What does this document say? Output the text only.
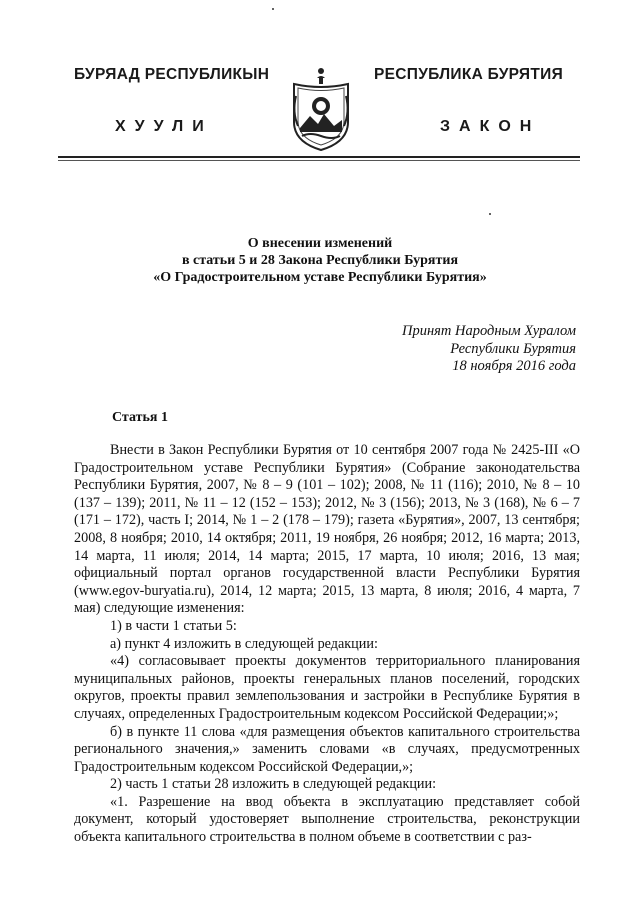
БУРЯАД РЕСПУБЛИКЫН
ХУУЛИ
РЕСПУБЛИКА БУРЯТИЯ
ЗАКОН
О внесении изменений
в статьи 5 и 28 Закона Республики Бурятия
«О Градостроительном уставе Республики Бурятия»
Принят Народным Хуралом
Республики Бурятия
18 ноября 2016 года
Статья 1

Внести в Закон Республики Бурятия от 10 сентября 2007 года № 2425-III «О Градостроительном уставе Республики Бурятия» (Собрание законодательства Республики Бурятия, 2007, № 8 – 9 (101 – 102); 2008, № 11 (116); 2010, № 8 – 10 (137 – 139); 2011, № 11 – 12 (152 – 153); 2012, № 3 (156); 2013, № 3 (168), № 6 – 7 (171 – 172), часть I; 2014, № 1 – 2 (178 – 179); газета «Бурятия», 2007, 13 сентября; 2008, 8 ноября; 2010, 14 октября; 2011, 19 ноября, 26 ноября; 2012, 16 марта; 2013, 14 марта, 11 июля; 2014, 14 марта; 2015, 17 марта, 10 июля; 2016, 13 мая; официальный портал органов государственной власти Республики Бурятия (www.egov-buryatia.ru), 2014, 12 марта; 2015, 13 марта, 8 июля; 2016, 4 марта, 7 мая) следующие изменения:

1) в части 1 статьи 5:

а) пункт 4 изложить в следующей редакции:

«4) согласовывает проекты документов территориального планирования муниципальных районов, проекты генеральных планов поселений, городских округов, проекты правил землепользования и застройки в Республике Бурятия в случаях, определенных Градостроительным кодексом Российской Федерации;»;

б) в пункте 11 слова «для размещения объектов капитального строительства регионального значения,» заменить словами «в случаях, предусмотренных Градостроительным кодексом Российской Федерации,»;

2) часть 1 статьи 28 изложить в следующей редакции:

«1. Разрешение на ввод объекта в эксплуатацию представляет собой документ, который удостоверяет выполнение строительства, реконструкции объекта капитального строительства в полном объеме в соответствии с раз-
